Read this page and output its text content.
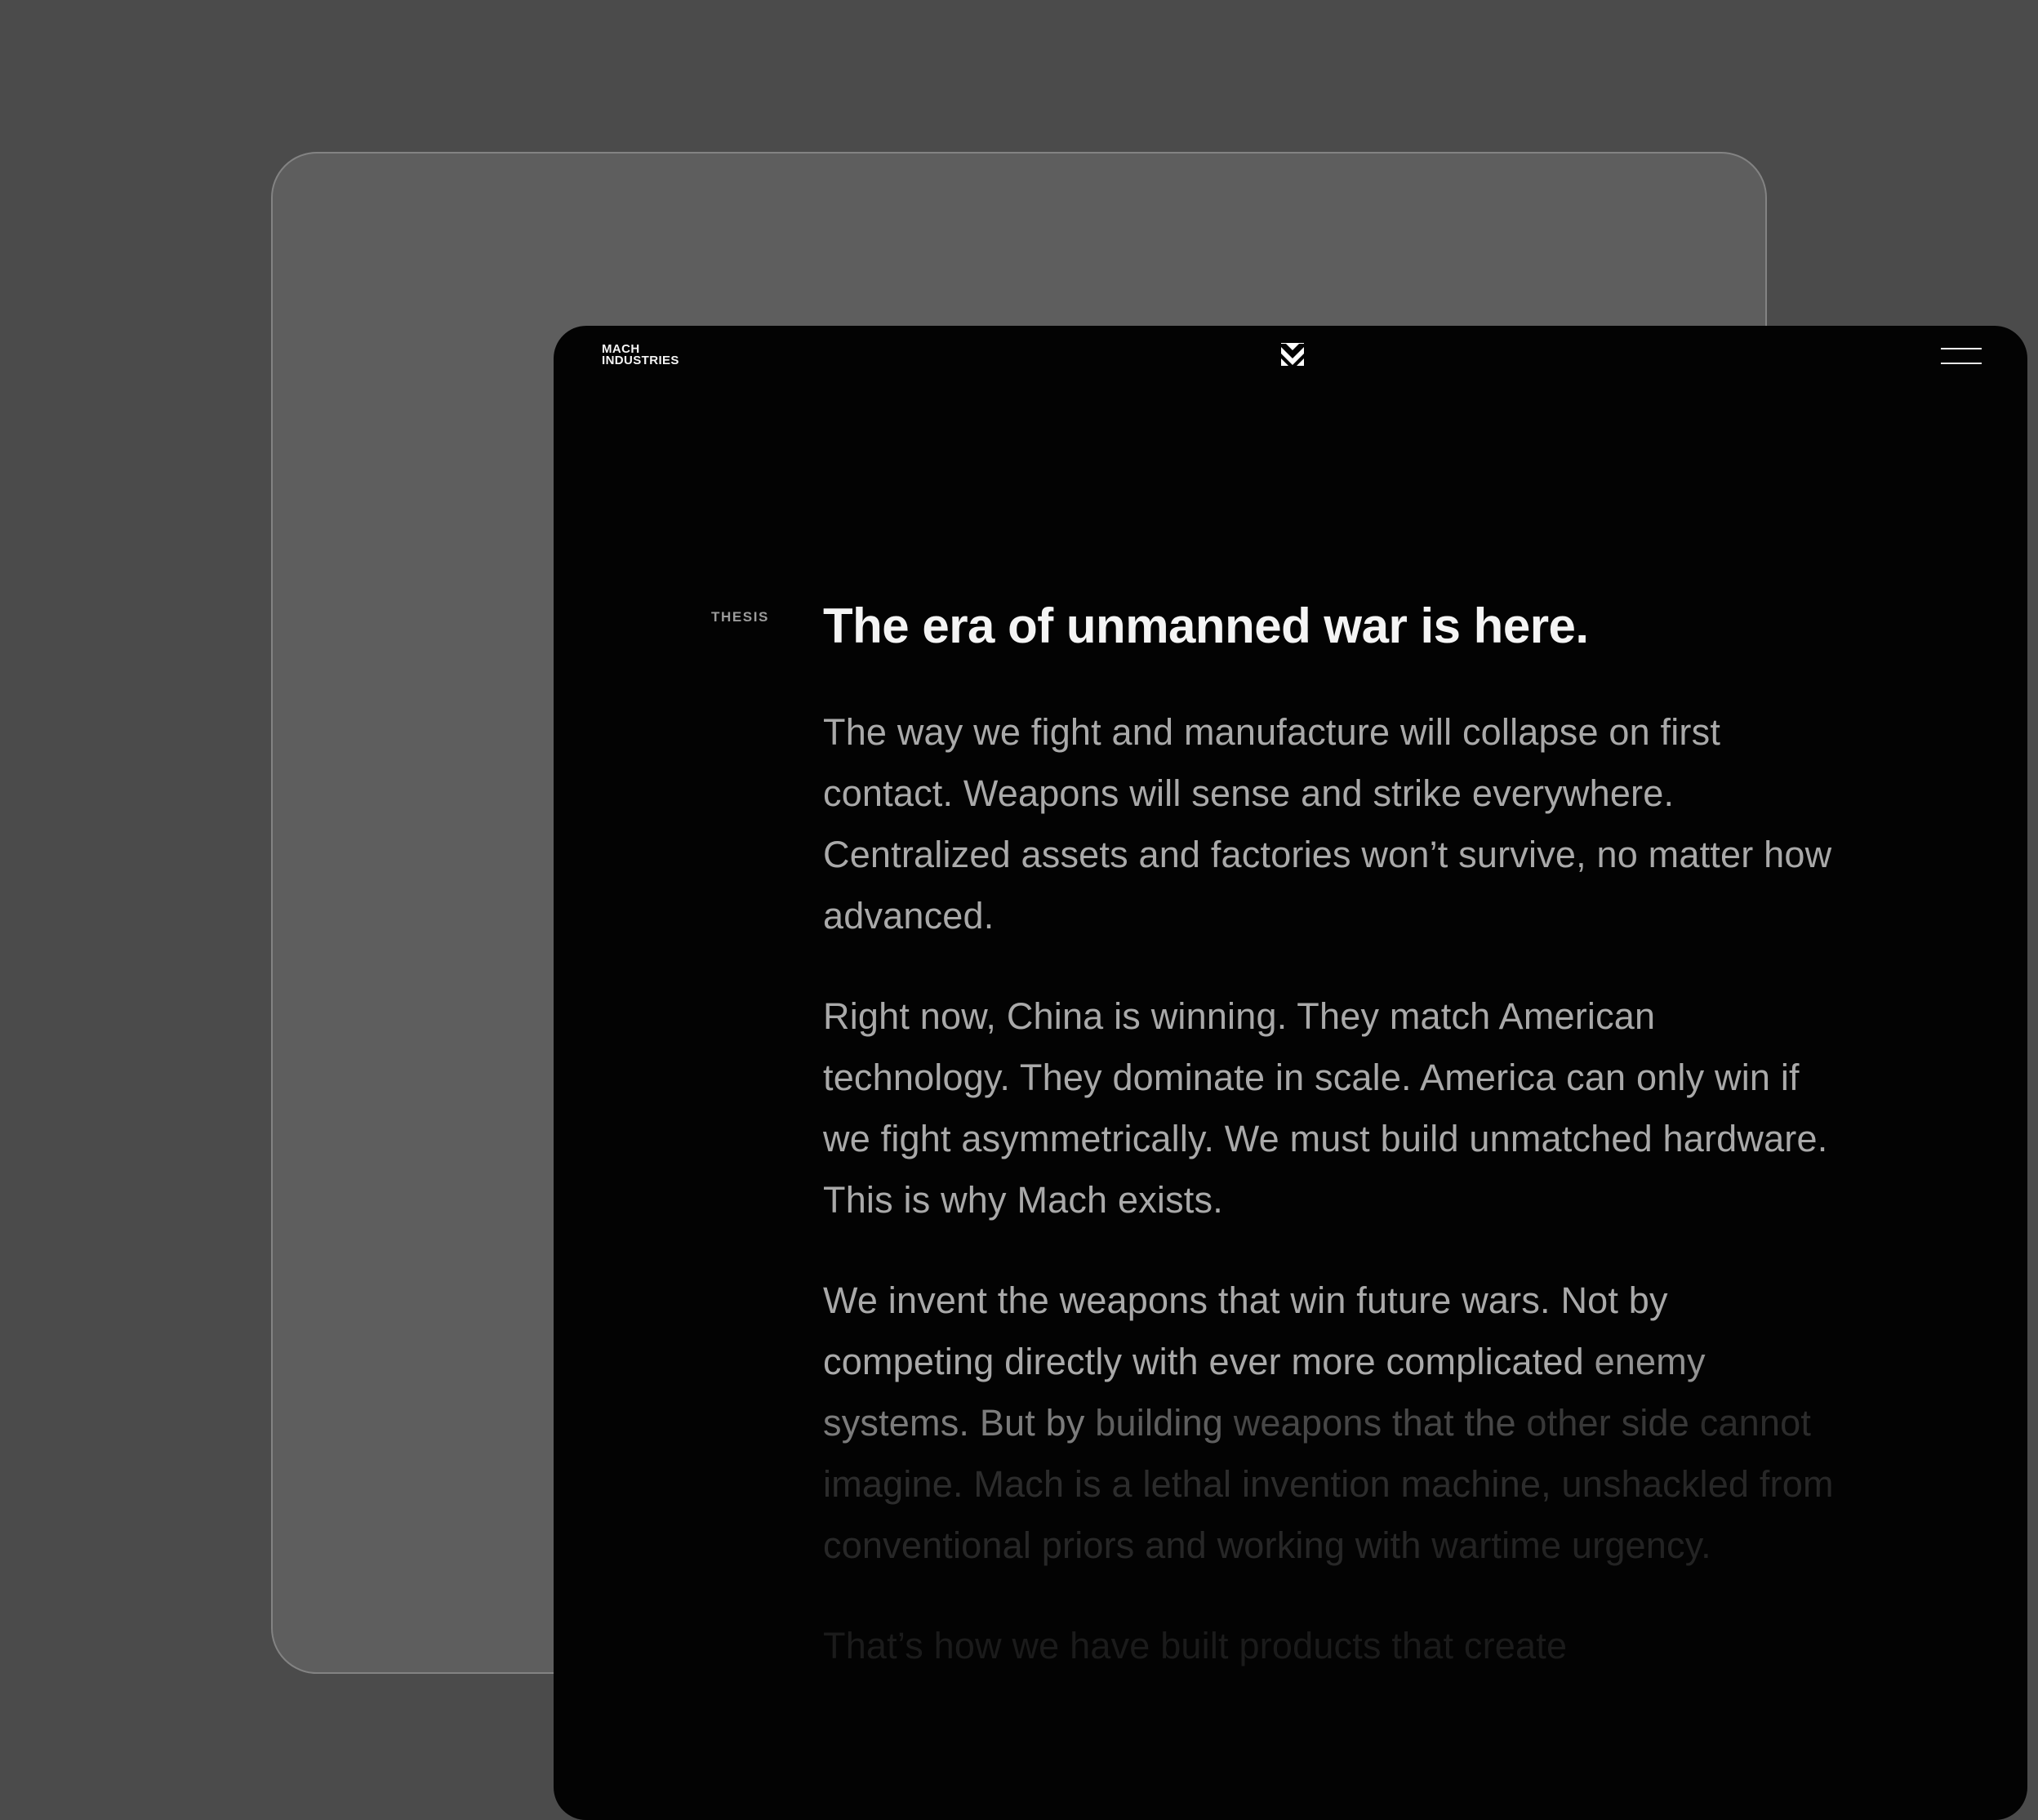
MACH
INDUSTRIES
THESIS The era of unmanned war is here.

The way we fight and manufacture will collapse on first contact. Weapons will sense and strike everywhere. Centralized assets and factories won’t survive, no matter how advanced.

Right now, China is winning. They match American technology. They dominate in scale. America can only win if we fight asymmetrically. We must build unmatched hardware. This is why Mach exists.

We invent the weapons that win future wars. Not by competing directly with ever more complicated enemy systems. But by building weapons that the other side cannot imagine. Mach is a lethal invention machine, unshackled from conventional priors and working with wartime urgency.

That’s how we have built products that create
